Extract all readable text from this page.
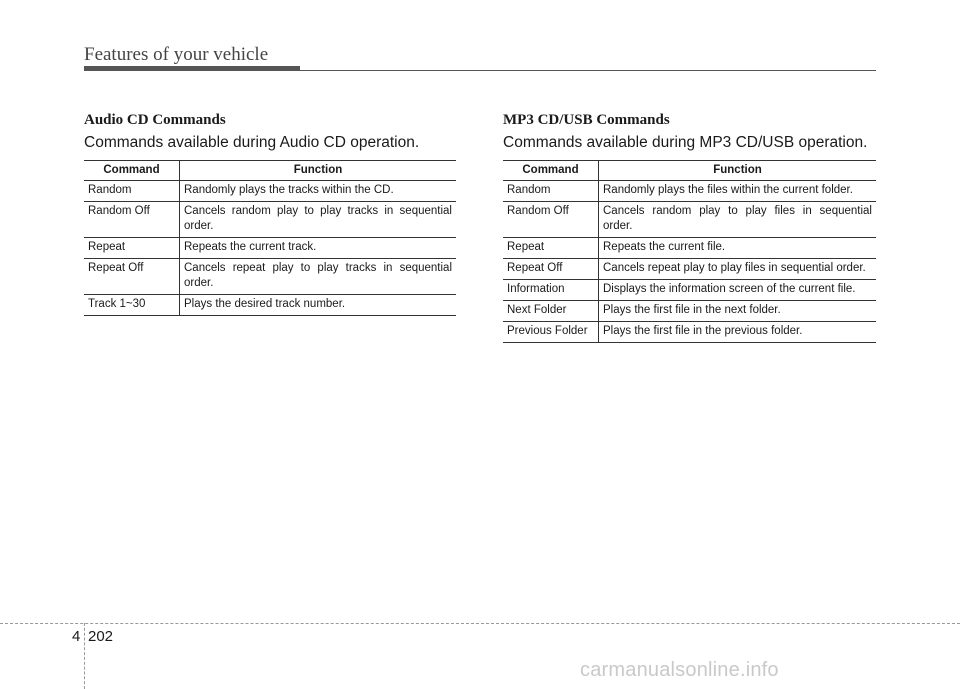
Features of your vehicle
Audio CD Commands

Commands available during Audio CD operation.

Command	Function
Random	Randomly plays the tracks within the CD.
Random Off	Cancels random play to play tracks in sequential order.
Repeat	Repeats the current track.
Repeat Off	Cancels repeat play to play tracks in sequential order.
Track 1~30	Plays the desired track number.
MP3 CD/USB Commands

Commands available during MP3 CD/USB operation.

Command	Function
Random	Randomly plays the files within the current folder.
Random Off	Cancels random play to play files in sequential order.
Repeat	Repeats the current file.
Repeat Off	Cancels repeat play to play files in sequential order.
Information	Displays the information screen of the current file.
Next Folder	Plays the first file in the next folder.
Previous Folder	Plays the first file in the previous folder.
4 202
carmanualsonline.info
